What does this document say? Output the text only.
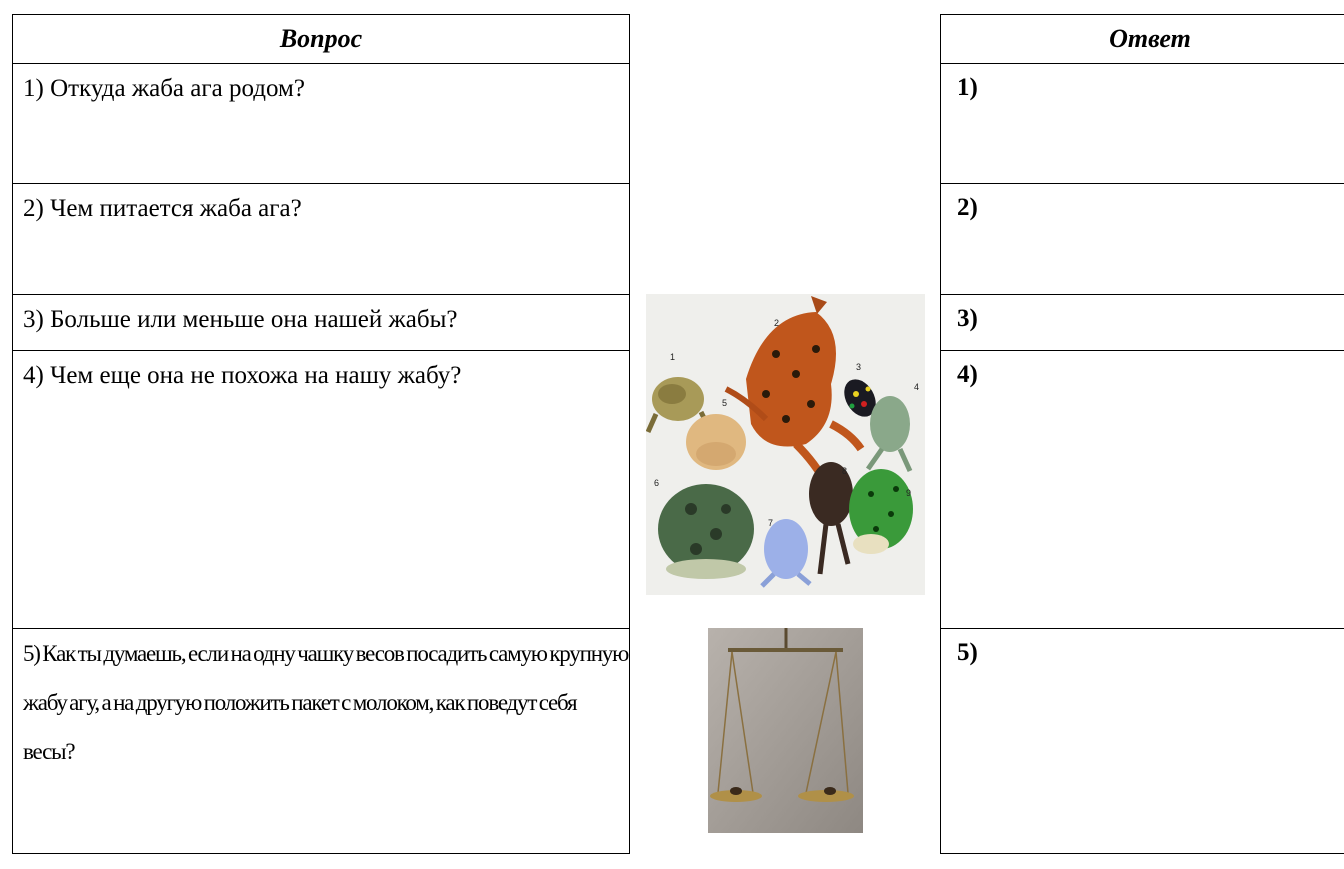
Вопрос
1) Откуда жаба ага родом?
2) Чем питается жаба ага?
3) Больше или меньше она нашей жабы?
4) Чем еще она не похожа на нашу жабу?
5) Как ты думаешь, если на одну чашку весов посадить самую крупную жабу агу, а на другую положить пакет с молоком, как поведут себя весы?
1
2
3
4
5
6
7
8
9
Ответ
1)
2)
3)
4)
5)
